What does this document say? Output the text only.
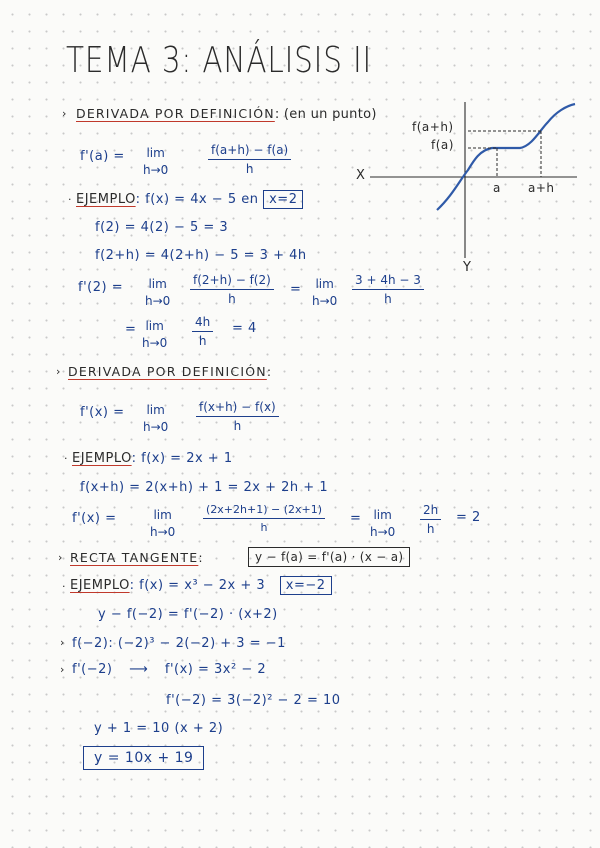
TEMA 3: ANÁLISIS II
› DERIVADA POR DEFINICIÓN: (en un punto)
f'(a) = lim
h→0	$\frac{f(a+h) - f(a)}{h}$
· EJEMPLO: f(x) = 4x − 5 en x=2
f(2) = 4(2) − 5 = 3
f(2+h) = 4(2+h) − 5 = 3 + 4h
f'(2) = lim
$h\to 0 \frac{f(2+h) - f(2)}{h} = \lim$
$h\to 0 \frac{3 + 4h - 3}{h}$
= lim
$h\to 0 \frac{4h}{h} = 4$
f(a+h)
f(a)
X
Y
a a+h
› DERIVADA POR DEFINICIÓN:
f'(x) = lim
$h\to 0 \frac{f(x+h) - f(x)}{h}$
· EJEMPLO: f(x) = 2x + 1
f(x+h) = 2(x+h) + 1 = 2x + 2h + 1
f'(x) =	lim
h→0	$\frac{(2x+2h+1) - (2x+1)}{h} = \lim$
$h\to 0 \frac{2h}{h} = 2$
› RECTA TANGENTE:	y − f(a) = f'(a) · (x − a)
· EJEMPLO: f(x) = x³ − 2x + 3 x=−2
y − f(−2) = f'(−2) · (x+2)
› f(−2): (−2)³ − 2(−2) + 3 = −1
› f'(−2) ⟶ f'(x) = 3x² − 2
f'(−2) = 3(−2)² − 2 = 10
y + 1 = 10 (x + 2)
y = 10x + 19
